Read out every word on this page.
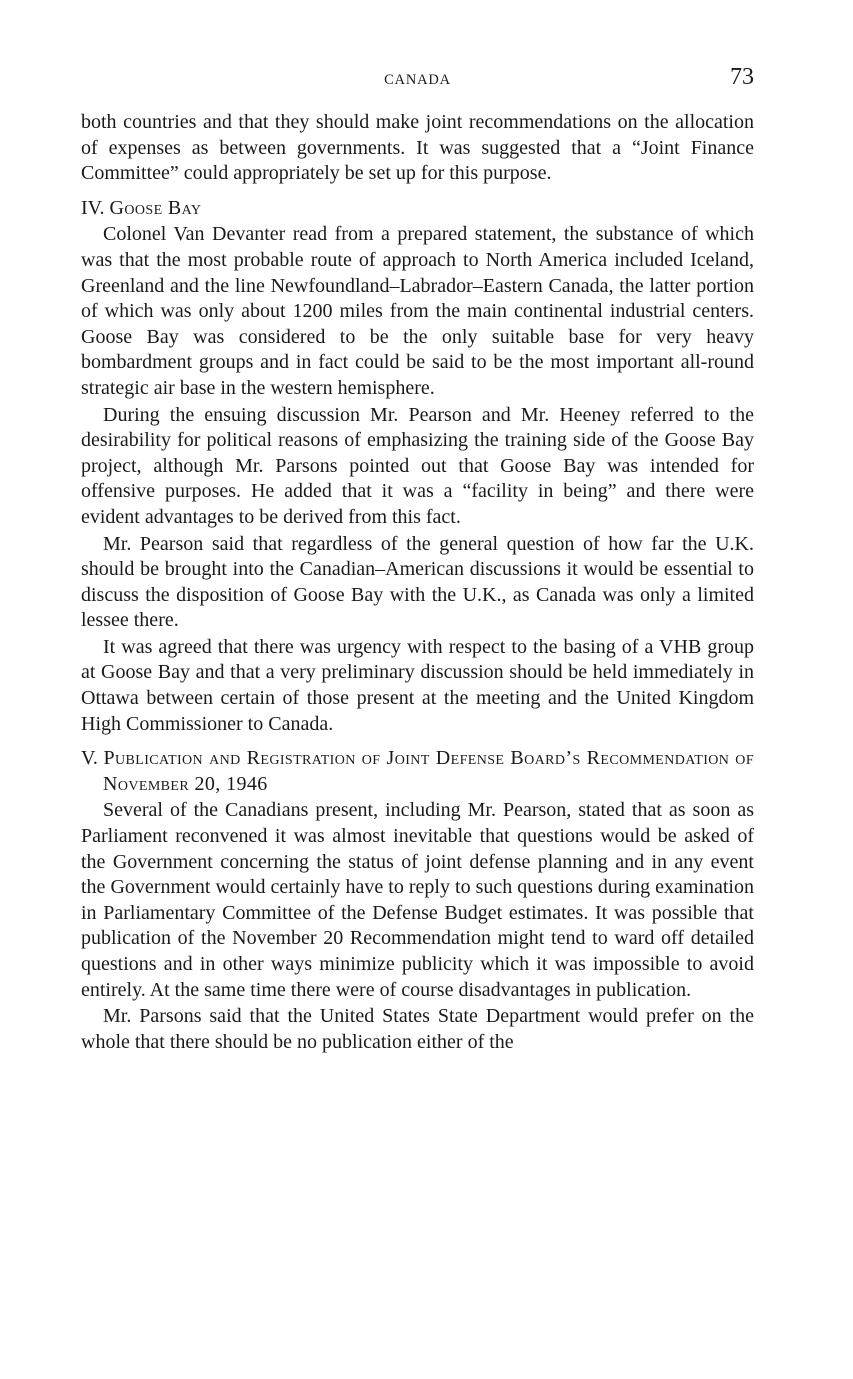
CANADA	73

both countries and that they should make joint recommendations on the allocation of expenses as between governments. It was suggested that a “Joint Finance Committee” could appropriately be set up for this purpose.

IV. Goose Bay

Colonel Van Devanter read from a prepared statement, the substance of which was that the most probable route of approach to North America included Iceland, Greenland and the line Newfoundland–Labrador–Eastern Canada, the latter portion of which was only about 1200 miles from the main continental industrial centers. Goose Bay was considered to be the only suitable base for very heavy bombardment groups and in fact could be said to be the most important all-round strategic air base in the western hemisphere.

During the ensuing discussion Mr. Pearson and Mr. Heeney referred to the desirability for political reasons of emphasizing the training side of the Goose Bay project, although Mr. Parsons pointed out that Goose Bay was intended for offensive purposes. He added that it was a “facility in being” and there were evident advantages to be derived from this fact.

Mr. Pearson said that regardless of the general question of how far the U.K. should be brought into the Canadian–American discussions it would be essential to discuss the disposition of Goose Bay with the U.K., as Canada was only a limited lessee there.

It was agreed that there was urgency with respect to the basing of a VHB group at Goose Bay and that a very preliminary discussion should be held immediately in Ottawa between certain of those present at the meeting and the United Kingdom High Commissioner to Canada.

V. Publication and Registration of Joint Defense Board’s Recommendation of November 20, 1946

Several of the Canadians present, including Mr. Pearson, stated that as soon as Parliament reconvened it was almost inevitable that questions would be asked of the Government concerning the status of joint defense planning and in any event the Government would certainly have to reply to such questions during examination in Parliamentary Committee of the Defense Budget estimates. It was possible that publication of the November 20 Recommendation might tend to ward off detailed questions and in other ways minimize publicity which it was impossible to avoid entirely. At the same time there were of course disadvantages in publication.

Mr. Parsons said that the United States State Department would prefer on the whole that there should be no publication either of the
